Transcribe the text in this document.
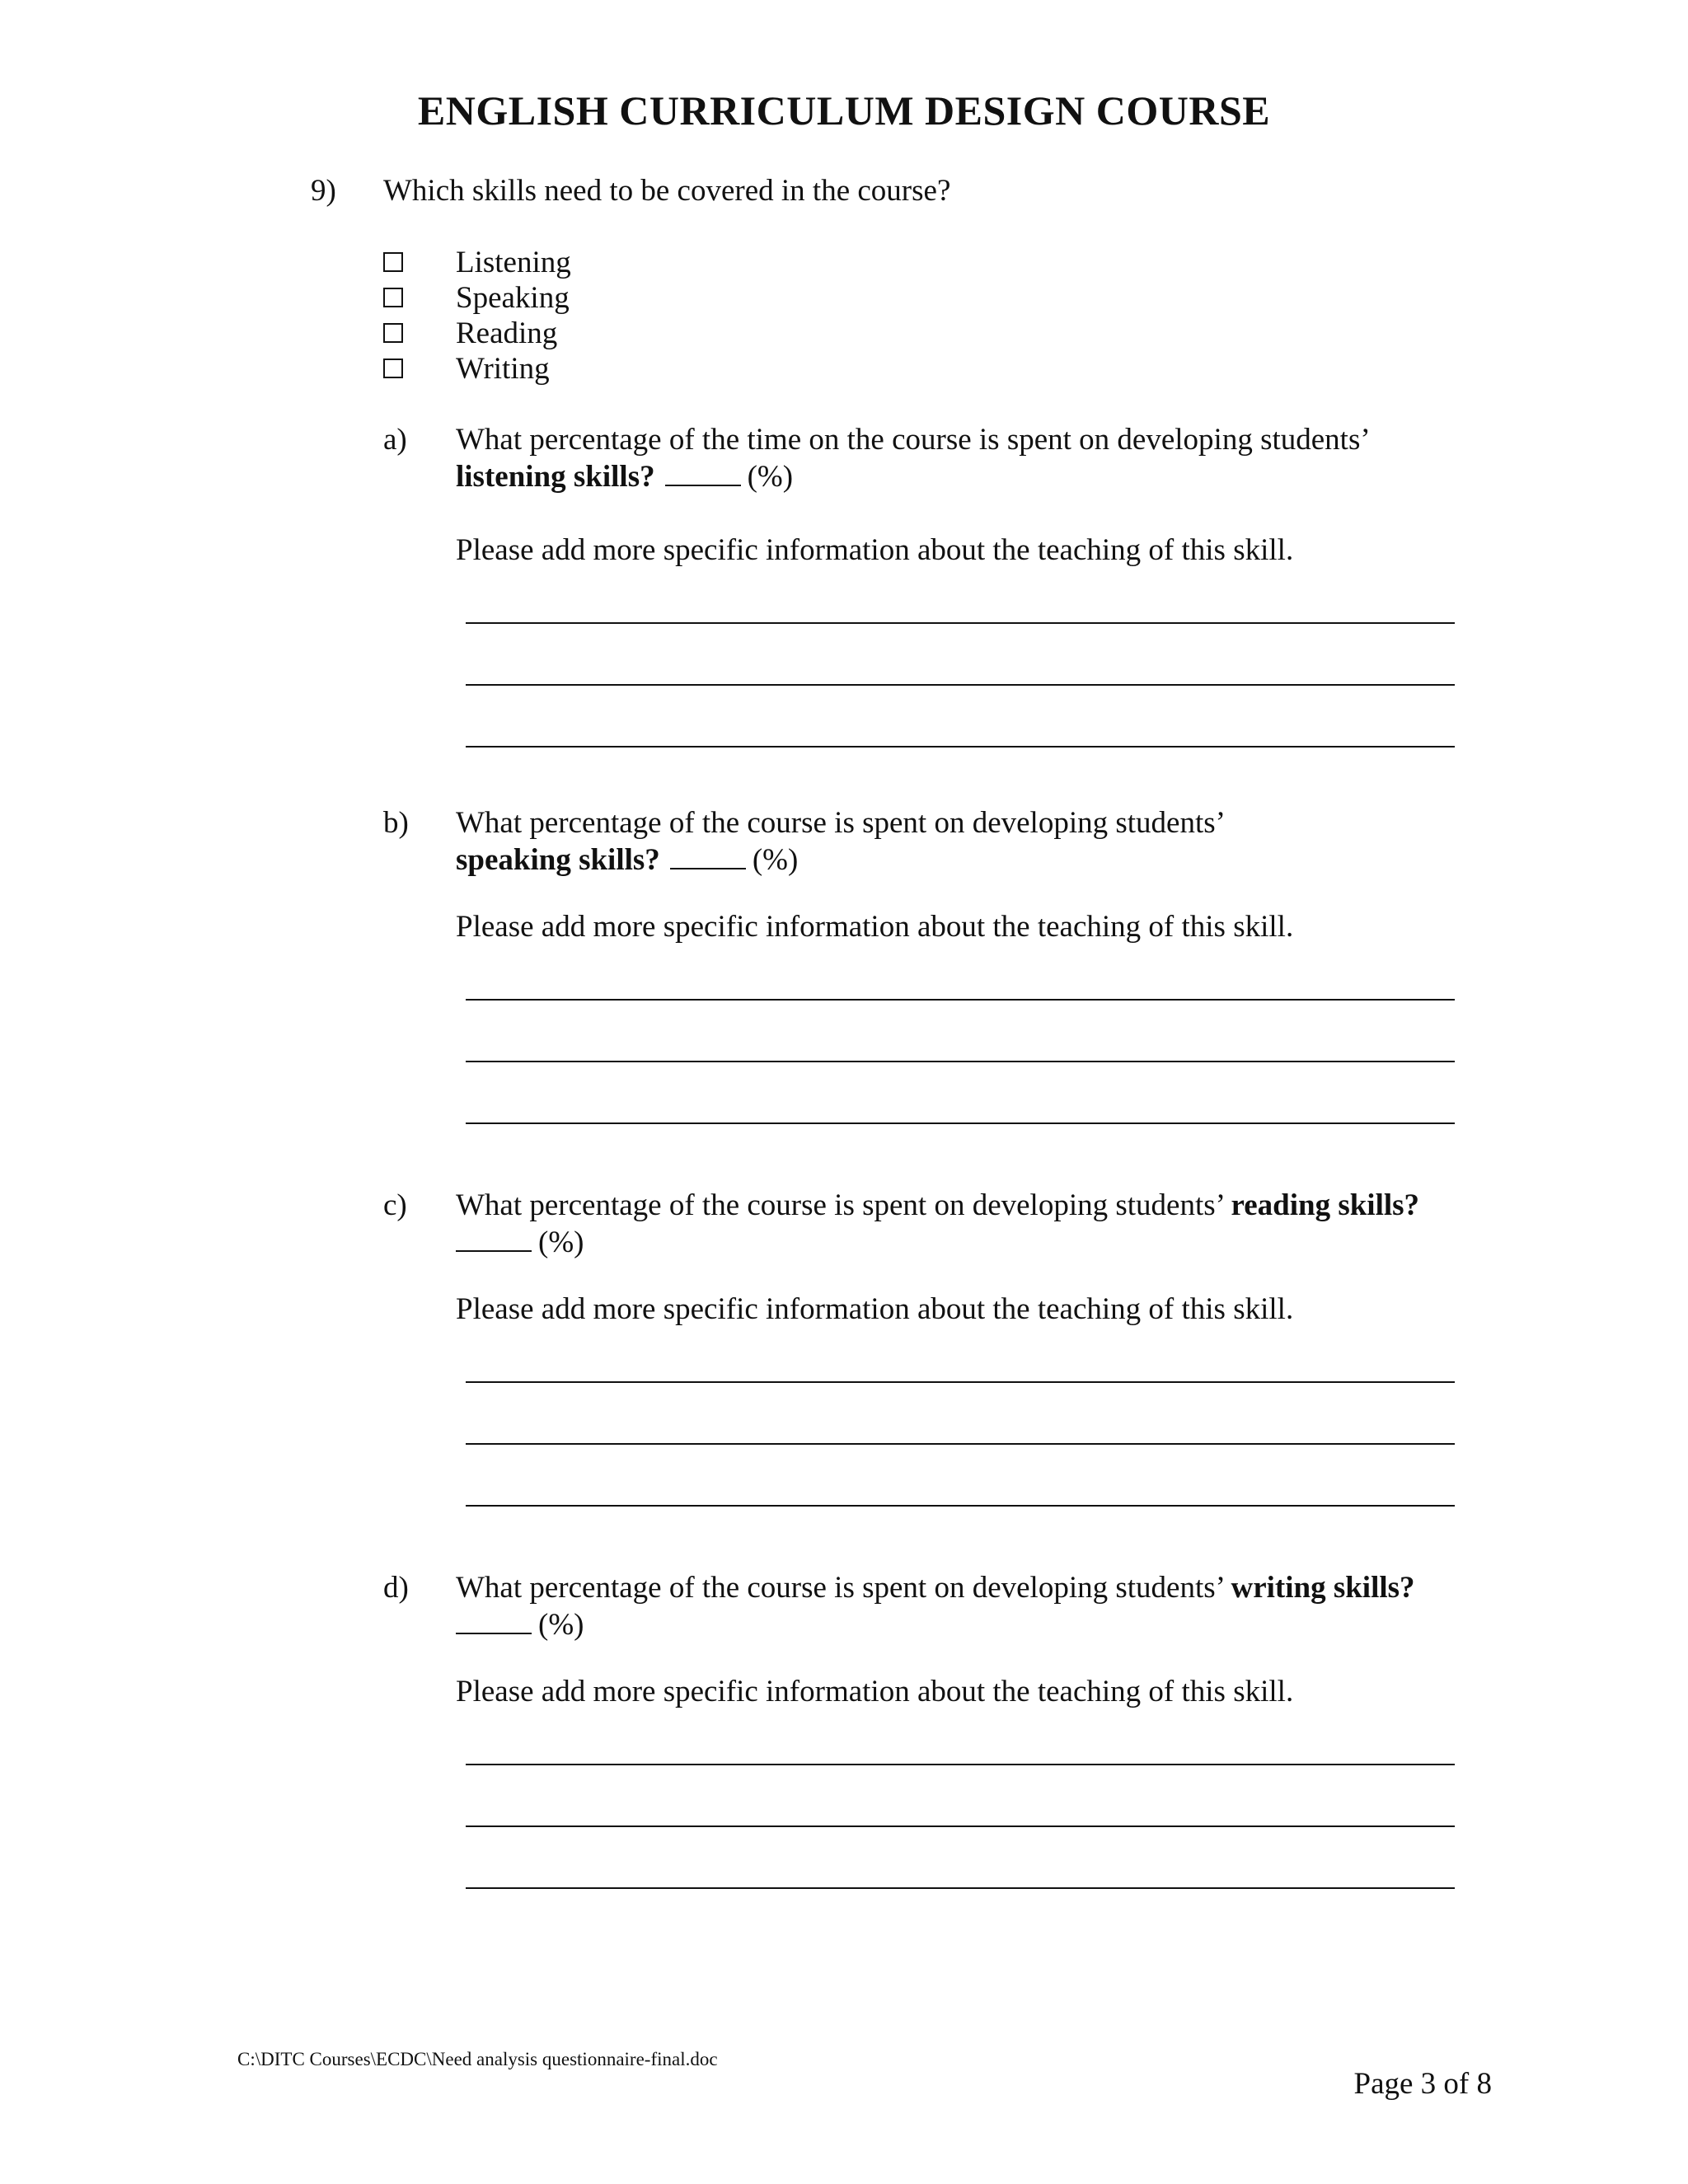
ENGLISH CURRICULUM DESIGN COURSE
9) Which skills need to be covered in the course?
Listening
Speaking
Reading
Writing
a) What percentage of the time on the course is spent on developing students’ listening skills?	(%)
Please add more specific information about the teaching of this skill.
b) What percentage of the course is spent on developing students’ speaking skills?	(%)
Please add more specific information about the teaching of this skill.
c) What percentage of the course is spent on developing students’ reading skills?
(%)
Please add more specific information about the teaching of this skill.
d) What percentage of the course is spent on developing students’ writing skills?
(%)
Please add more specific information about the teaching of this skill.
C:\DITC Courses\ECDC\Need analysis questionnaire-final.doc
Page 3 of 8
